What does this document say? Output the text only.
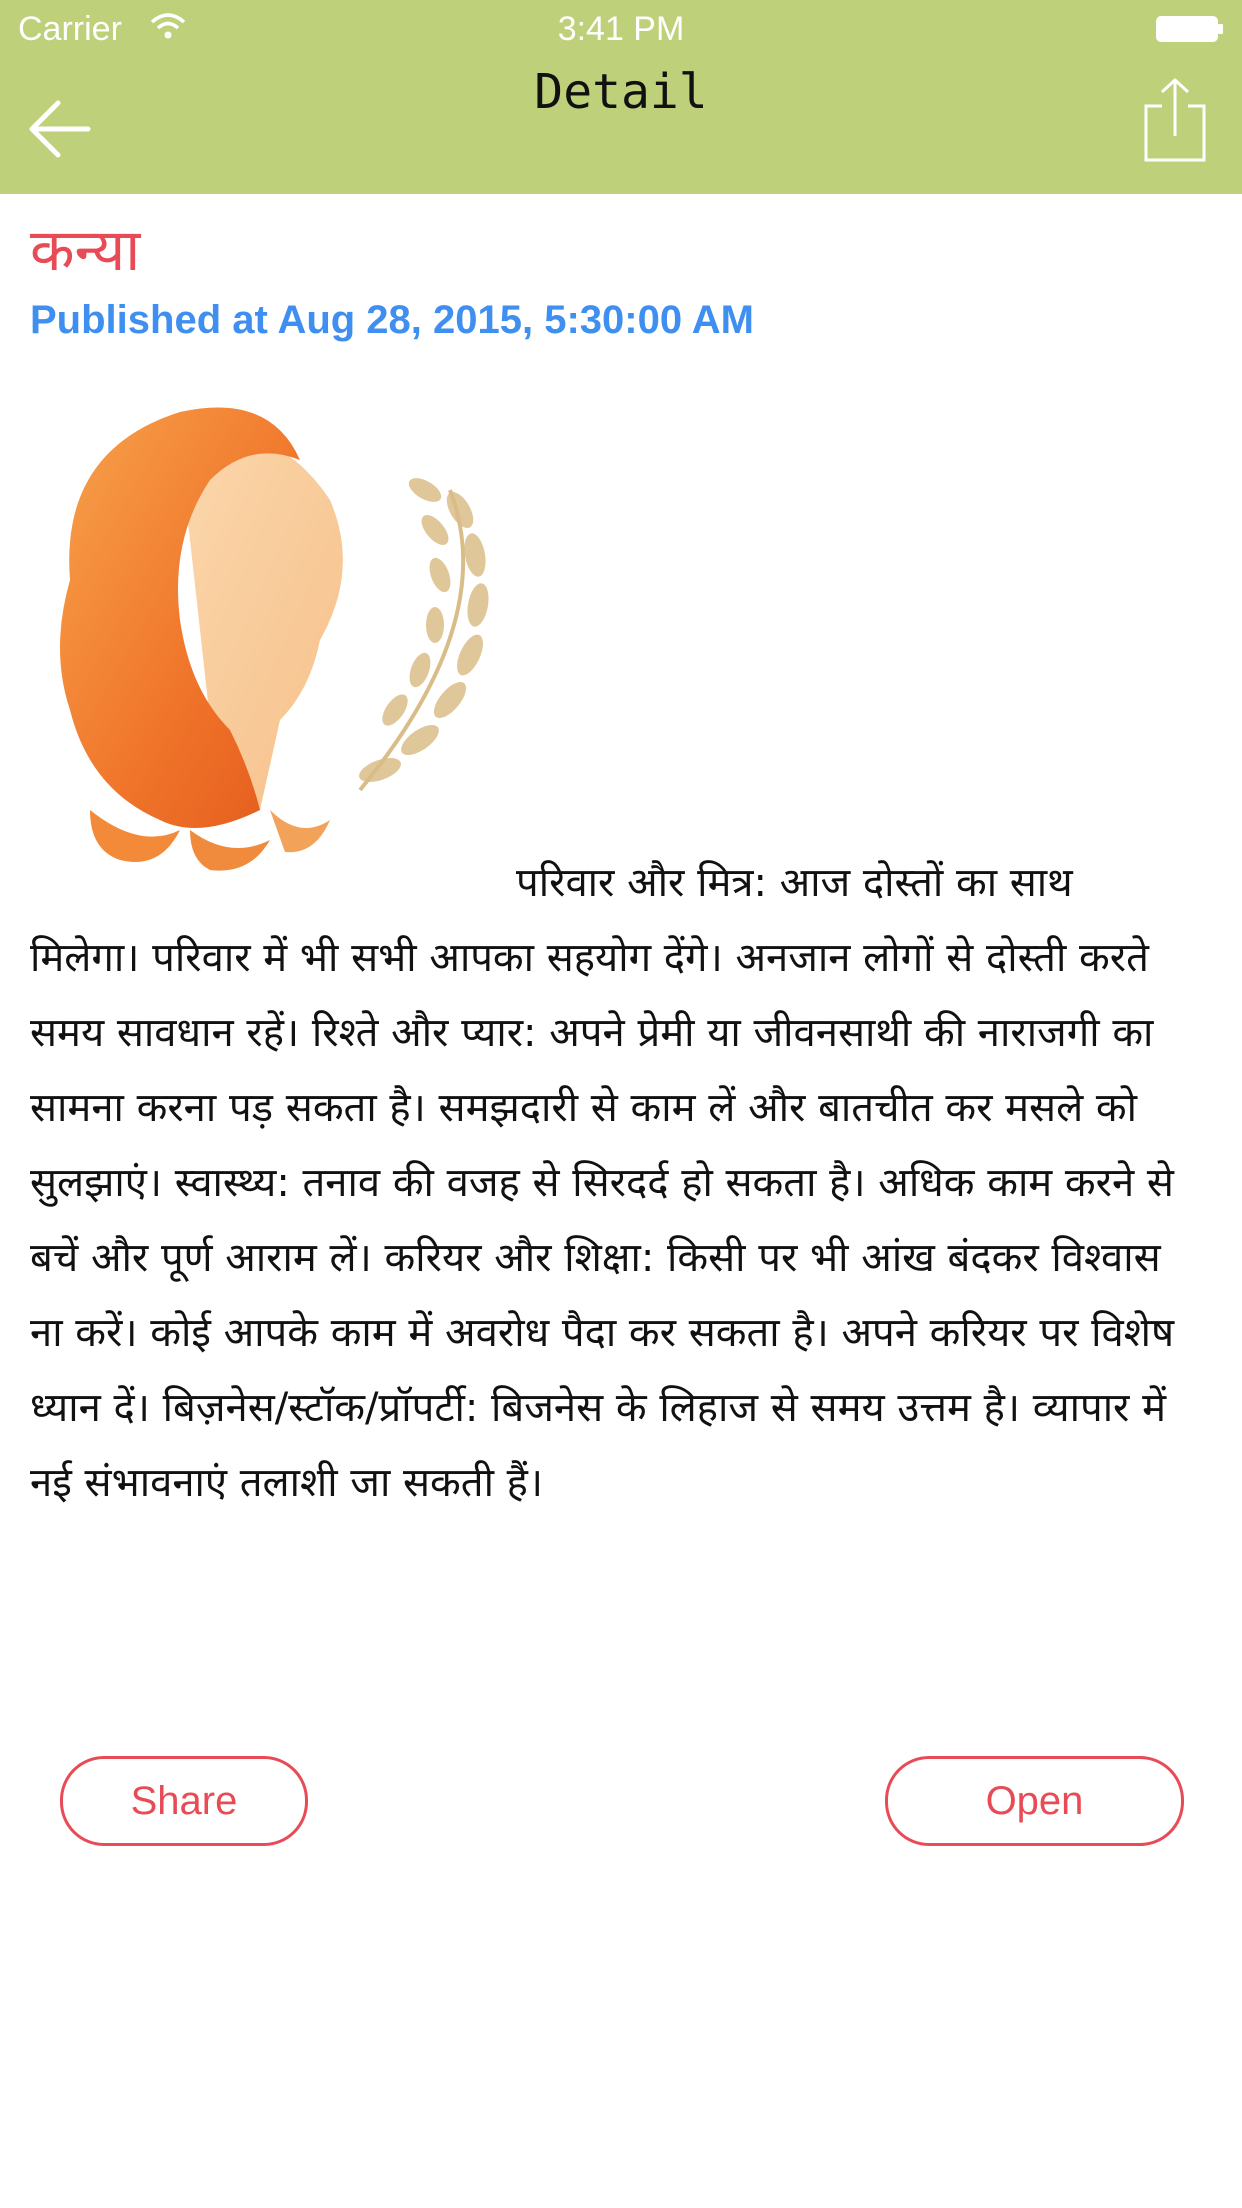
Carrier	3:41 PM
Detail
कन्या
Published at Aug 28, 2015, 5:30:00 AM
परिवार और मित्र: आज दोस्तों का साथ मिलेगा। परिवार में भी सभी आपका सहयोग देंगे। अनजान लोगों से दोस्ती करते समय सावधान रहें। रिश्ते और प्यार: अपने प्रेमी या जीवनसाथी की नाराजगी का सामना करना पड़ सकता है। समझदारी से काम लें और बातचीत कर मसले को सुलझाएं। स्वास्थ्य: तनाव की वजह से सिरदर्द हो सकता है। अधिक काम करने से बचें और पूर्ण आराम लें। करियर और शिक्षा: किसी पर भी आंख बंदकर विश्वास ना करें। कोई आपके काम में अवरोध पैदा कर सकता है। अपने करियर पर विशेष ध्यान दें। बिज़नेस/स्टॉक/प्रॉपर्टी: बिजनेस के लिहाज से समय उत्तम है। व्यापार में नई संभावनाएं तलाशी जा सकती हैं।
Share	Open
